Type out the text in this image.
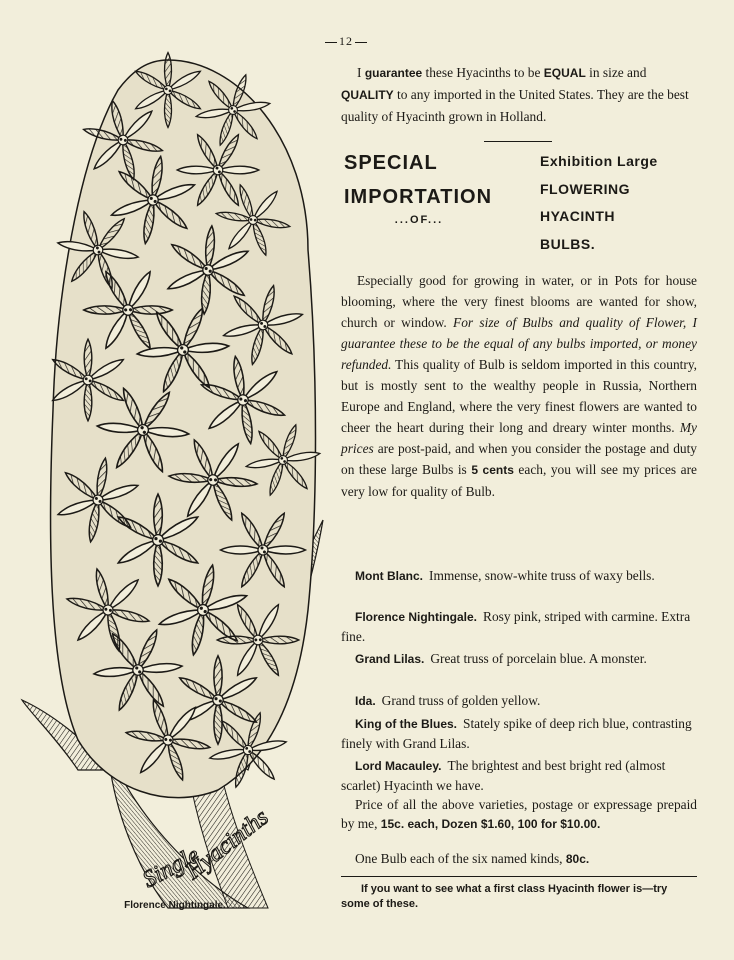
12
Single
Hyacinths
Florence Nightingale.
I guarantee these Hyacinths to be EQUAL in size and QUALITY to any imported in the United States. They are the best quality of Hyacinth grown in Holland.
SPECIAL
IMPORTATION
...OF...
Exhibition Large
FLOWERING
HYACINTH
BULBS.
Especially good for growing in water, or in Pots for house blooming, where the very finest blooms are wanted for show, church or window. For size of Bulbs and quality of Flower, I guarantee these to be the equal of any bulbs imported, or money refunded. This quality of Bulb is seldom imported in this country, but is mostly sent to the wealthy people in Russia, Northern Europe and England, where the very finest flowers are wanted to cheer the heart during their long and dreary winter months. My prices are post-paid, and when you consider the postage and duty on these large Bulbs is 5 cents each, you will see my prices are very low for quality of Bulb.
Mont Blanc. Immense, snow-white truss of waxy bells.
Florence Nightingale. Rosy pink, striped with carmine. Extra fine.
Grand Lilas. Great truss of porcelain blue. A monster.
Ida. Grand truss of golden yellow.
King of the Blues. Stately spike of deep rich blue, contrasting finely with Grand Lilas.
Lord Macauley. The brightest and best bright red (almost scarlet) Hyacinth we have.
Price of all the above varieties, postage or expressage prepaid by me, 15c. each, Dozen $1.60, 100 for $10.00.
One Bulb each of the six named kinds, 80c.
If you want to see what a first class Hyacinth flower is—try some of these.
